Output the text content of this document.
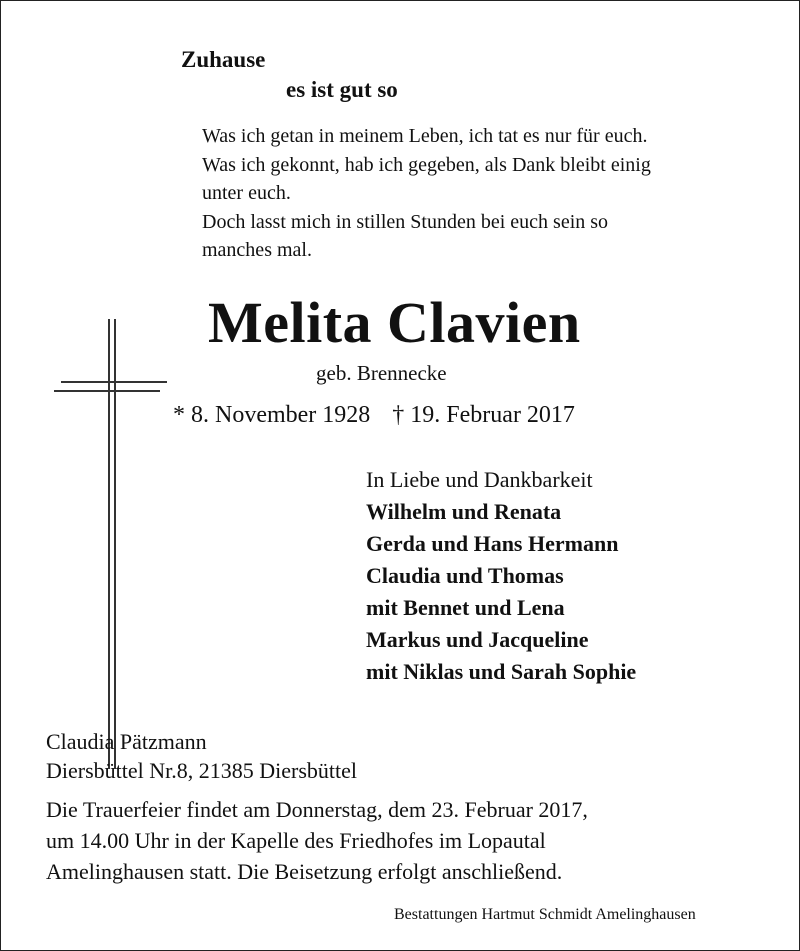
Zuhause
es ist gut so
Was ich getan in meinem Leben, ich tat es nur für euch.
Was ich gekonnt, hab ich gegeben, als Dank bleibt einig
unter euch.
Doch lasst mich in stillen Stunden bei euch sein so
manches mal.
Melita Clavien
geb. Brennecke
* 8. November 1928 † 19. Februar 2017
In Liebe und Dankbarkeit
Wilhelm und Renata
Gerda und Hans Hermann
Claudia und Thomas
mit Bennet und Lena
Markus und Jacqueline
mit Niklas und Sarah Sophie
Claudia Pätzmann
Diersbüttel Nr.8, 21385 Diersbüttel
Die Trauerfeier findet am Donnerstag, dem 23. Februar 2017,
um 14.00 Uhr in der Kapelle des Friedhofes im Lopautal
Amelinghausen statt. Die Beisetzung erfolgt anschließend.
Bestattungen Hartmut Schmidt Amelinghausen
